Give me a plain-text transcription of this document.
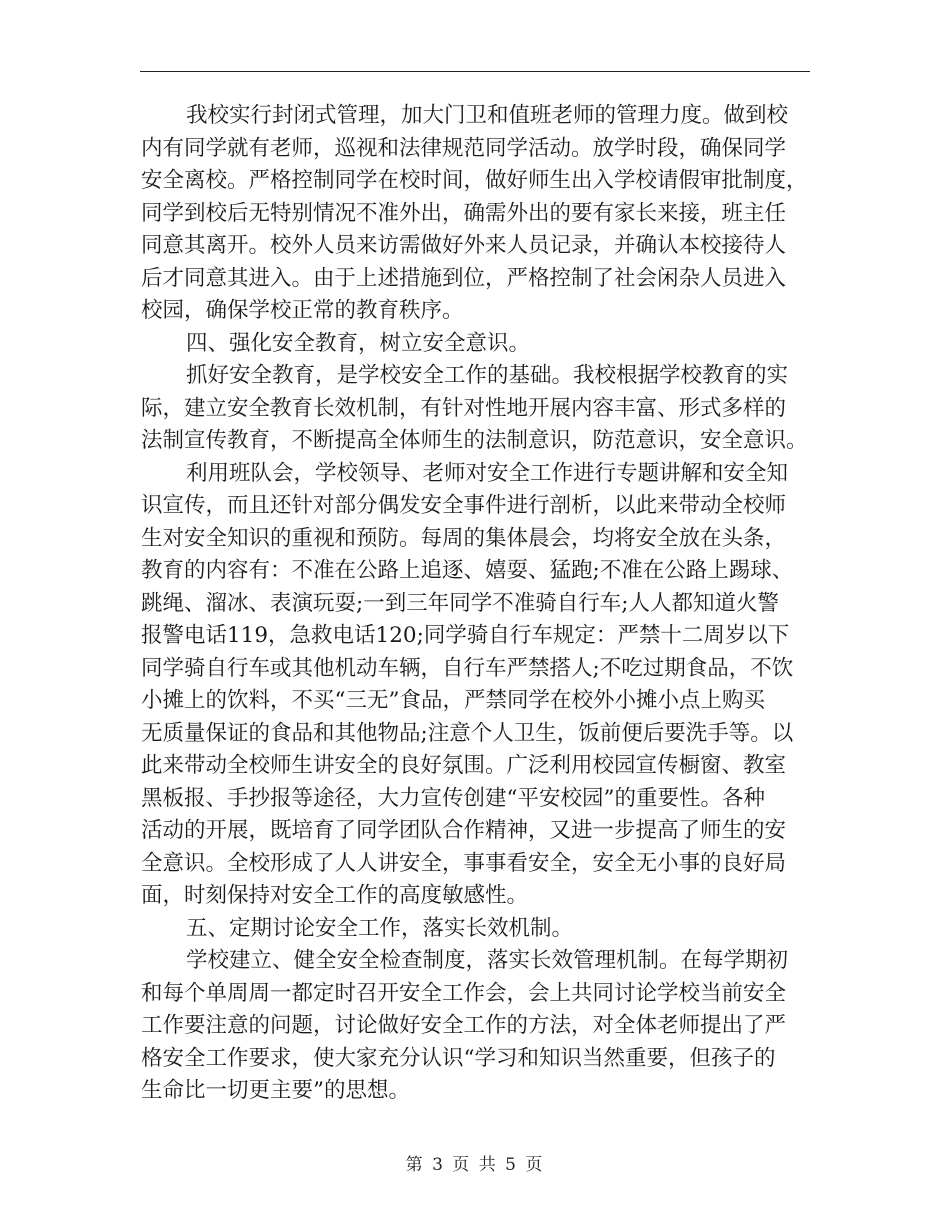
我校实行封闭式管理，加大门卫和值班老师的管理力度。做到校
内有同学就有老师，巡视和法律规范同学活动。放学时段，确保同学
安全离校。严格控制同学在校时间，做好师生出入学校请假审批制度，
同学到校后无特别情况不准外出，确需外出的要有家长来接，班主任
同意其离开。校外人员来访需做好外来人员记录，并确认本校接待人
后才同意其进入。由于上述措施到位，严格控制了社会闲杂人员进入
校园，确保学校正常的教育秩序。
四、强化安全教育，树立安全意识。
抓好安全教育，是学校安全工作的基础。我校根据学校教育的实
际，建立安全教育长效机制，有针对性地开展内容丰富、形式多样的
法制宣传教育，不断提高全体师生的法制意识，防范意识，安全意识。
利用班队会，学校领导、老师对安全工作进行专题讲解和安全知
识宣传，而且还针对部分偶发安全事件进行剖析，以此来带动全校师
生对安全知识的重视和预防。每周的集体晨会，均将安全放在头条，
教育的内容有：不准在公路上追逐、嬉耍、猛跑;不准在公路上踢球、
跳绳、溜冰、表演玩耍;一到三年同学不准骑自行车;人人都知道火警
报警电话119，急救电话120;同学骑自行车规定：严禁十二周岁以下
同学骑自行车或其他机动车辆，自行车严禁搭人;不吃过期食品，不饮
小摊上的饮料，不买“三无”食品，严禁同学在校外小摊小点上购买
无质量保证的食品和其他物品;注意个人卫生，饭前便后要洗手等。以
此来带动全校师生讲安全的良好氛围。广泛利用校园宣传橱窗、教室
黑板报、手抄报等途径，大力宣传创建“平安校园”的重要性。各种
活动的开展，既培育了同学团队合作精神，又进一步提高了师生的安
全意识。全校形成了人人讲安全，事事看安全，安全无小事的良好局
面，时刻保持对安全工作的高度敏感性。
五、定期讨论安全工作，落实长效机制。
学校建立、健全安全检查制度，落实长效管理机制。在每学期初
和每个单周周一都定时召开安全工作会，会上共同讨论学校当前安全
工作要注意的问题，讨论做好安全工作的方法，对全体老师提出了严
格安全工作要求，使大家充分认识“学习和知识当然重要，但孩子的
生命比一切更主要”的思想。
第 3 页 共 5 页
